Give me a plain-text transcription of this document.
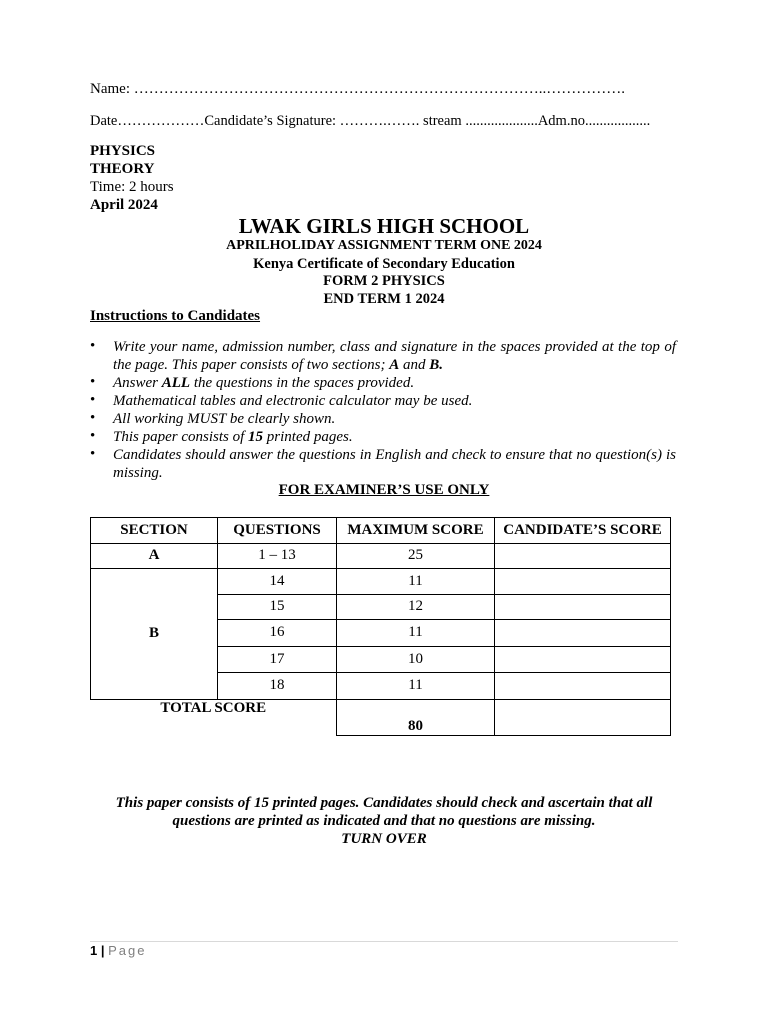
Name: ………………………………………………………………………..…………….
Date………………Candidate’s Signature: ……….……. stream ....................Adm.no..................
PHYSICS
THEORY
Time: 2 hours
April 2024
LWAK GIRLS HIGH SCHOOL
APRILHOLIDAY ASSIGNMENT TERM ONE 2024
Kenya Certificate of Secondary Education
FORM 2 PHYSICS
END TERM 1 2024
Instructions to Candidates
• Write your name, admission number, class and signature in the spaces provided at the top of the page. This paper consists of two sections; A and B.
• Answer ALL the questions in the spaces provided.
• Mathematical tables and electronic calculator may be used.
• All working MUST be clearly shown.
• This paper consists of 15 printed pages.
• Candidates should answer the questions in English and check to ensure that no question(s) is missing.
FOR EXAMINER’S USE ONLY
SECTION	QUESTIONS	MAXIMUM SCORE	CANDIDATE’S SCORE
A	1 – 13	25	
B	14	11	
	15	12	
	16	11	
	17	10	
	18	11	
TOTAL SCORE		80	
This paper consists of 15 printed pages. Candidates should check and ascertain that all
questions are printed as indicated and that no questions are missing.
TURN OVER
1 | Page
